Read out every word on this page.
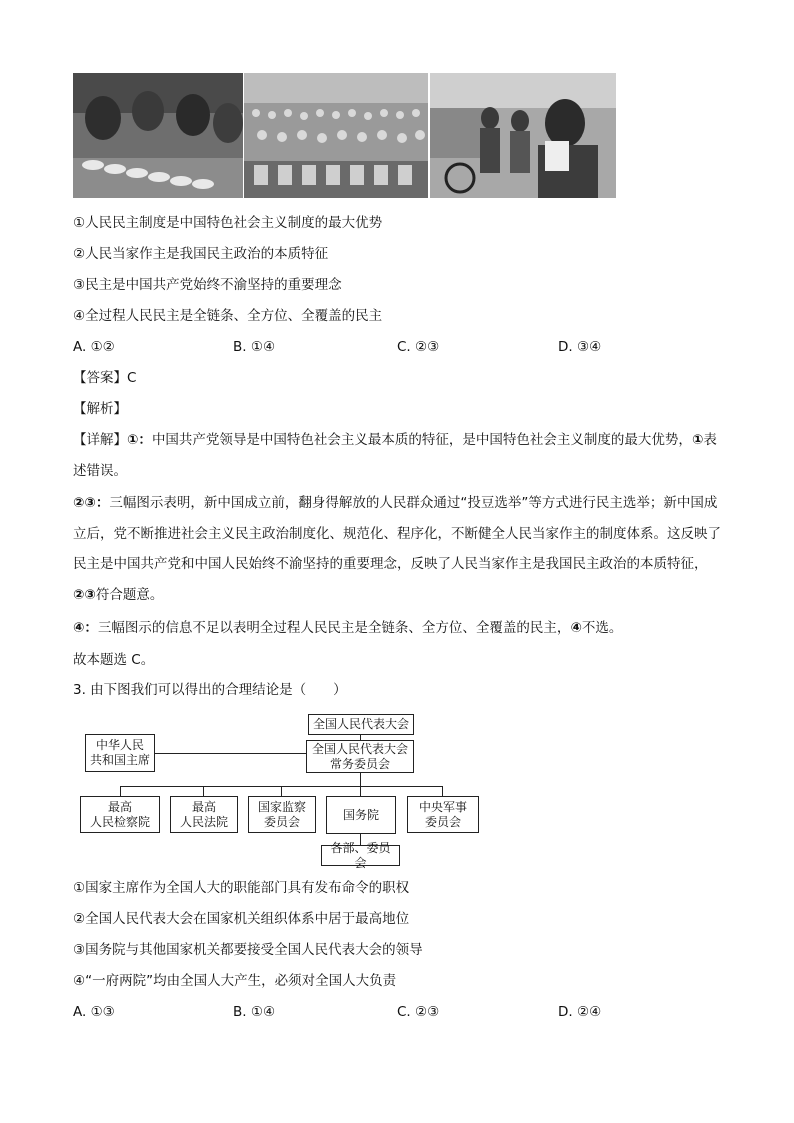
①人民民主制度是中国特色社会主义制度的最大优势
②人民当家作主是我国民主政治的本质特征
③民主是中国共产党始终不渝坚持的重要理念
④全过程人民民主是全链条、全方位、全覆盖的民主
A. ①②	B. ①④	C. ②③	D. ③④
【答案】C
【解析】
【详解】①：中国共产党领导是中国特色社会主义最本质的特征，是中国特色社会主义制度的最大优势，①表述错误。
②③：三幅图示表明，新中国成立前，翻身得解放的人民群众通过“投豆选举”等方式进行民主选举；新中国成立后，党不断推进社会主义民主政治制度化、规范化、程序化，不断健全人民当家作主的制度体系。这反映了民主是中国共产党和中国人民始终不渝坚持的重要理念，反映了人民当家作主是我国民主政治的本质特征，②③符合题意。
④：三幅图示的信息不足以表明全过程人民民主是全链条、全方位、全覆盖的民主，④不选。
故本题选 C。
3. 由下图我们可以得出的合理结论是（　　）
全国人民代表大会
中华人民
共和国主席
全国人民代表大会
常务委员会
最高
人民检察院
最高
人民法院
国家监察
委员会	国务院
中央军事
委员会
各部、委员会
①国家主席作为全国人大的职能部门具有发布命令的职权
②全国人民代表大会在国家机关组织体系中居于最高地位
③国务院与其他国家机关都要接受全国人民代表大会的领导
④“一府两院”均由全国人大产生，必须对全国人大负责
A. ①③	B. ①④	C. ②③	D. ②④
